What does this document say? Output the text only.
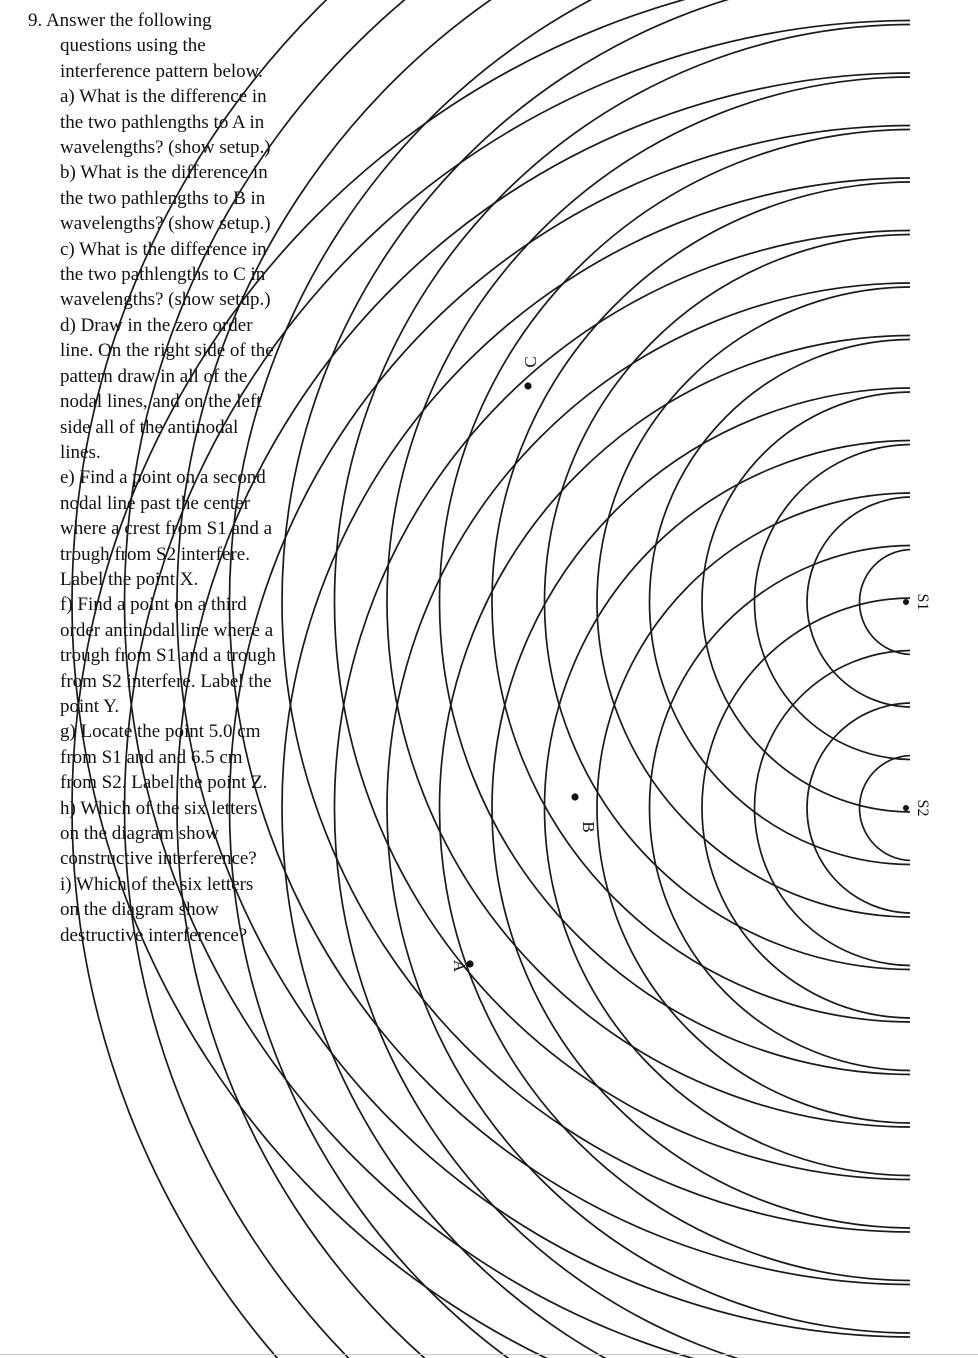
9. Answer the following
questions using the
interference pattern below.
a) What is the difference in
the two pathlengths to A in
wavelengths? (show setup.)
b) What is the difference in
the two pathlengths to B in
wavelengths? (show setup.)
c) What is the difference in
the two pathlengths to C in
wavelengths? (show setup.)
d) Draw in the zero order
line. On the right side of the
pattern draw in all of the
nodal lines, and on the left
side all of the antinodal
lines.
e) Find a point on a second
nodal line past the center
where a crest from S1 and a
trough from S2 interfere.
Label the point X.
f) Find a point on a third
order antinodal line where a
trough from S1 and a trough
from S2 interfere. Label the
point Y.
g) Locate the point 5.0 cm
from S1 and and 6.5 cm
from S2. Label the point Z.
h) Which of the six letters
on the diagram show
constructive interference?
i) Which of the six letters
on the diagram show
destructive interference?
S1
S2
A
B
C
